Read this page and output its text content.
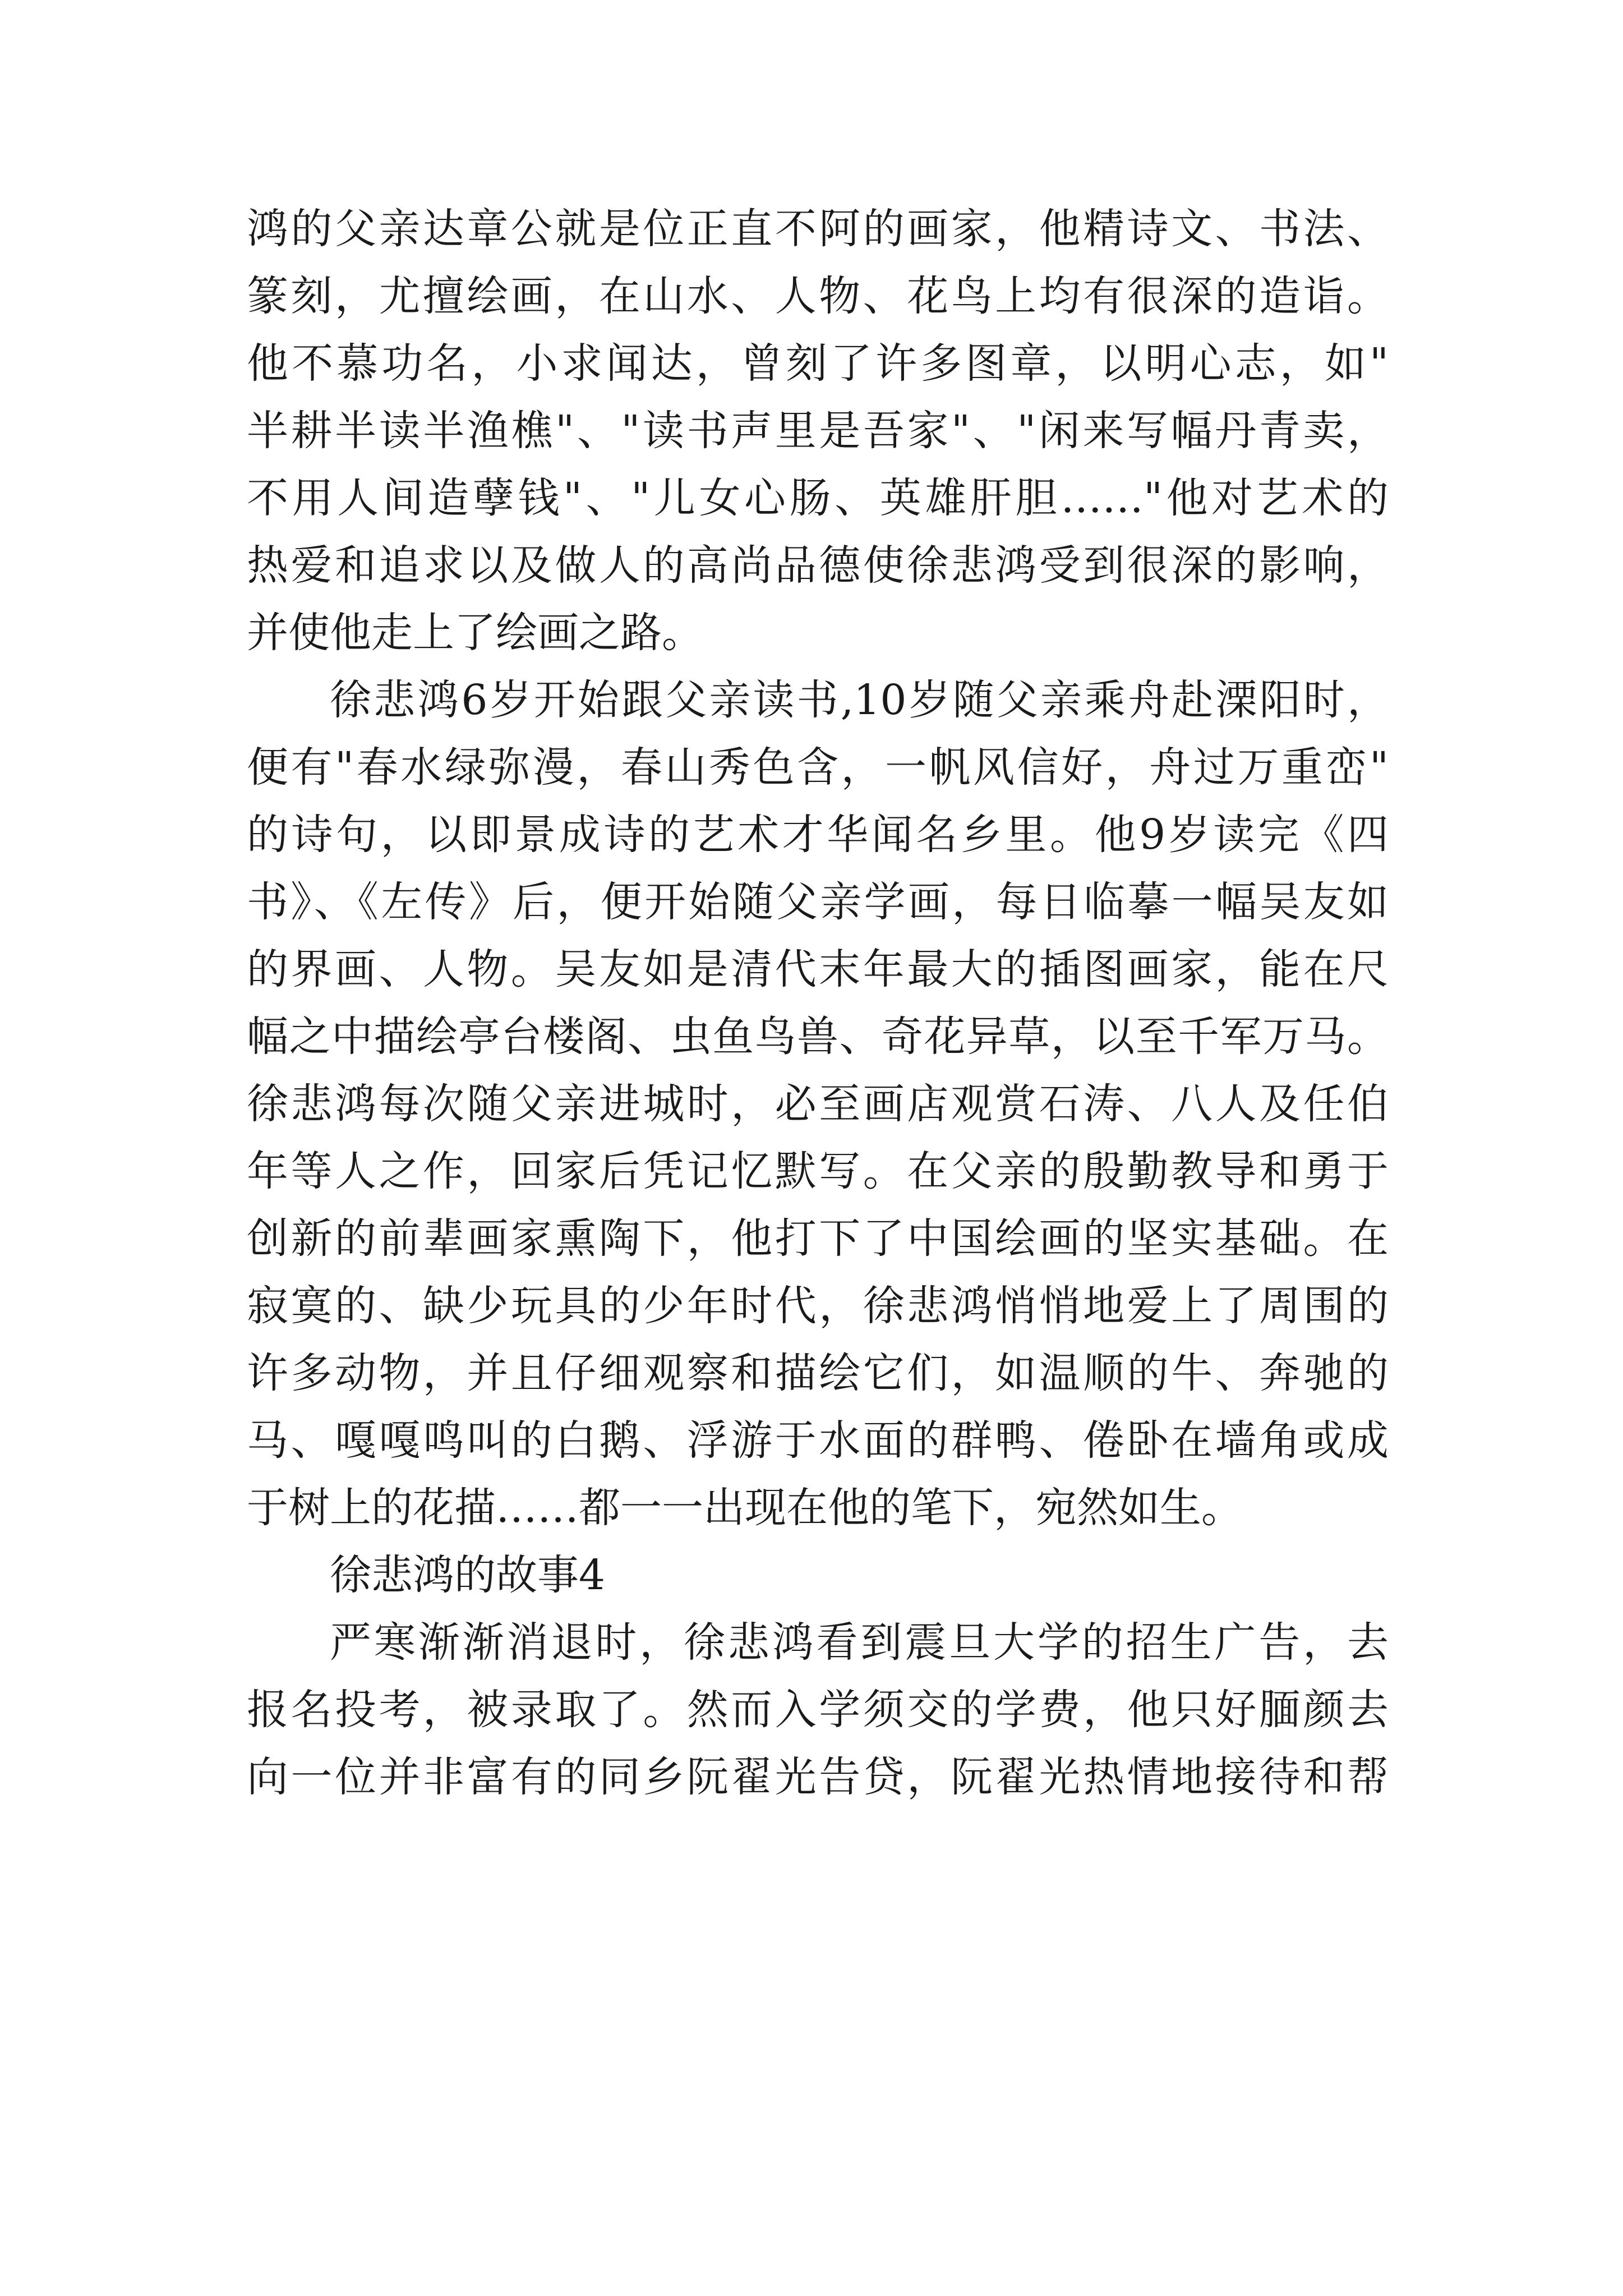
鸿的父亲达章公就是位正直不阿的画家，他精诗文、书法、
篆刻，尤擅绘画，在山水、人物、花鸟上均有很深的造诣。
他不慕功名，小求闻达，曾刻了许多图章，以明心志，如"
半耕半读半渔樵"、"读书声里是吾家"、"闲来写幅丹青卖，
不用人间造孽钱"、"儿女心肠、英雄肝胆……"他对艺术的
热爱和追求以及做人的高尚品德使徐悲鸿受到很深的影响，
并使他走上了绘画之路。
徐悲鸿6岁开始跟父亲读书,10岁随父亲乘舟赴溧阳时，
便有"春水绿弥漫，春山秀色含，一帆风信好，舟过万重峦"
的诗句，以即景成诗的艺术才华闻名乡里。他9岁读完《四
书》、《左传》后，便开始随父亲学画，每日临摹一幅吴友如
的界画、人物。吴友如是清代末年最大的插图画家，能在尺
幅之中描绘亭台楼阁、虫鱼鸟兽、奇花异草，以至千军万马。
徐悲鸿每次随父亲进城时，必至画店观赏石涛、八人及任伯
年等人之作，回家后凭记忆默写。在父亲的殷勤教导和勇于
创新的前辈画家熏陶下，他打下了中国绘画的坚实基础。在
寂寞的、缺少玩具的少年时代，徐悲鸿悄悄地爱上了周围的
许多动物，并且仔细观察和描绘它们，如温顺的牛、奔驰的
马、嘎嘎鸣叫的白鹅、浮游于水面的群鸭、倦卧在墙角或成
于树上的花描……都一一出现在他的笔下，宛然如生。
徐悲鸿的故事4
严寒渐渐消退时，徐悲鸿看到震旦大学的招生广告，去
报名投考，被录取了。然而入学须交的学费，他只好腼颜去
向一位并非富有的同乡阮翟光告贷，阮翟光热情地接待和帮
